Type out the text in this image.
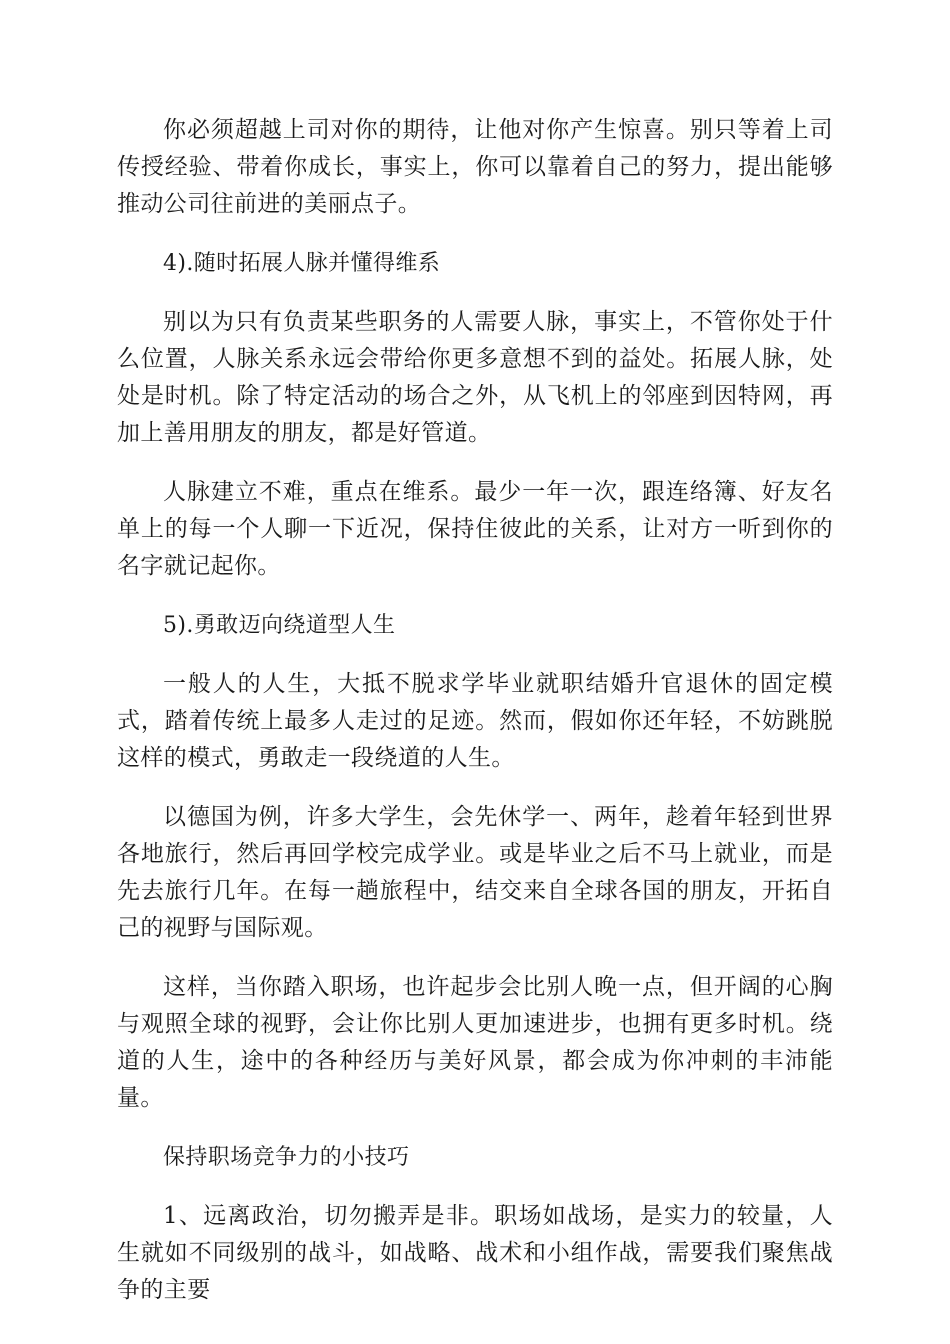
你必须超越上司对你的期待，让他对你产生惊喜。别只等着上司传授经验、带着你成长，事实上，你可以靠着自己的努力，提出能够推动公司往前进的美丽点子。

4).随时拓展人脉并懂得维系

别以为只有负责某些职务的人需要人脉，事实上，不管你处于什么位置，人脉关系永远会带给你更多意想不到的益处。拓展人脉，处处是时机。除了特定活动的场合之外，从飞机上的邻座到因特网，再加上善用朋友的朋友，都是好管道。

人脉建立不难，重点在维系。最少一年一次，跟连络簿、好友名单上的每一个人聊一下近况，保持住彼此的关系，让对方一听到你的名字就记起你。

5).勇敢迈向绕道型人生

一般人的人生，大抵不脱求学毕业就职结婚升官退休的固定模式，踏着传统上最多人走过的足迹。然而，假如你还年轻，不妨跳脱这样的模式，勇敢走一段绕道的人生。

以德国为例，许多大学生，会先休学一、两年，趁着年轻到世界各地旅行，然后再回学校完成学业。或是毕业之后不马上就业，而是先去旅行几年。在每一趟旅程中，结交来自全球各国的朋友，开拓自己的视野与国际观。

这样，当你踏入职场，也许起步会比别人晚一点，但开阔的心胸与观照全球的视野，会让你比别人更加速进步，也拥有更多时机。绕道的人生，途中的各种经历与美好风景，都会成为你冲刺的丰沛能量。

保持职场竞争力的小技巧

1、远离政治，切勿搬弄是非。职场如战场，是实力的较量，人生就如不同级别的战斗，如战略、战术和小组作战，需要我们聚焦战争的主要
